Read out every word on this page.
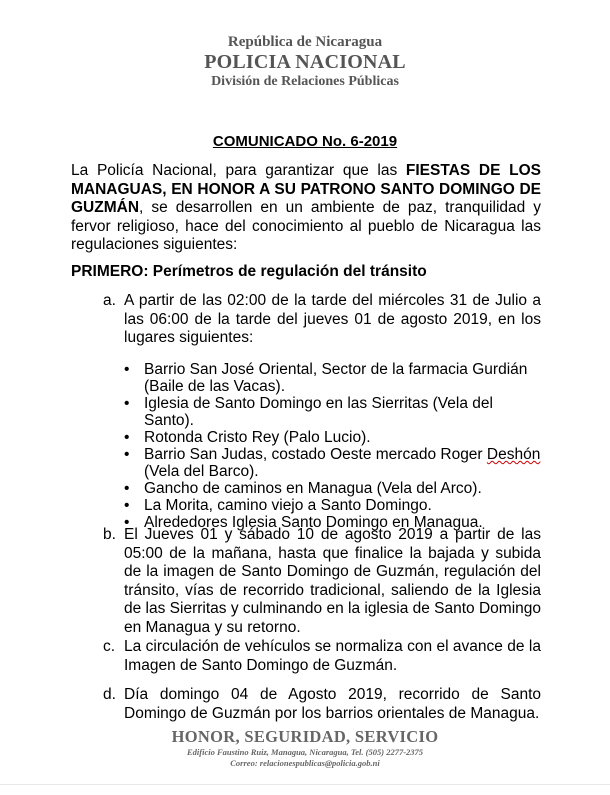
República de Nicaragua
POLICIA NACIONAL
División de Relaciones Públicas
COMUNICADO No. 6-2019
La Policía Nacional, para garantizar que las FIESTAS DE LOS MANAGUAS, EN HONOR A SU PATRONO SANTO DOMINGO DE GUZMÁN, se desarrollen en un ambiente de paz, tranquilidad y fervor religioso, hace del conocimiento al pueblo de Nicaragua las regulaciones siguientes:
PRIMERO: Perímetros de regulación del tránsito
a. A partir de las 02:00 de la tarde del miércoles 31 de Julio a las 06:00 de la tarde del jueves 01 de agosto 2019, en los lugares siguientes:
• Barrio San José Oriental, Sector de la farmacia Gurdián (Baile de las Vacas).
• Iglesia de Santo Domingo en las Sierritas (Vela del Santo).
• Rotonda Cristo Rey (Palo Lucio).
• Barrio San Judas, costado Oeste mercado Roger Deshón (Vela del Barco).
• Gancho de caminos en Managua (Vela del Arco).
• La Morita, camino viejo a Santo Domingo.
• Alrededores Iglesia Santo Domingo en Managua.
b. El Jueves 01 y sábado 10 de agosto 2019 a partir de las 05:00 de la mañana, hasta que finalice la bajada y subida de la imagen de Santo Domingo de Guzmán, regulación del tránsito, vías de recorrido tradicional, saliendo de la Iglesia de las Sierritas y culminando en la iglesia de Santo Domingo en Managua y su retorno.
c. La circulación de vehículos se normaliza con el avance de la Imagen de Santo Domingo de Guzmán.
d. Día domingo 04 de Agosto 2019, recorrido de Santo Domingo de Guzmán por los barrios orientales de Managua.
HONOR, SEGURIDAD, SERVICIO
Edificio Faustino Ruiz, Managua, Nicaragua, Tel. (505) 2277-2375
Correo: relacionespublicas@policia.gob.ni
